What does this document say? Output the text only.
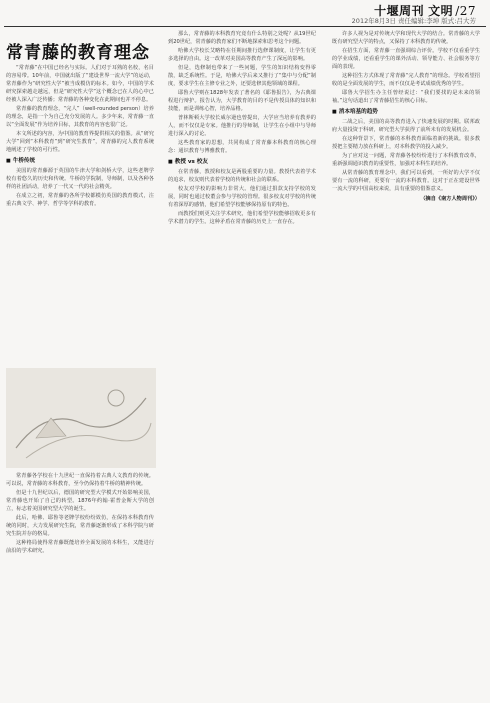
十堰周刊 文明 /27
2012年8月3日 责任编辑:李坤 版式:吕大芳
常青藤的教育理念

“常青藤”在中国已经名与实际。人们对于耳熟的名校，名目的容易带。10年前，中国就出版了“建设世界一流大学”的运动，常青藤作为“研究性大学”被当成模仿的标本。如今，中国的学术研究探索越走越远，但是“研究性大学”这个概念已在人的心中已经被人深入广泛传播；常青藤的各种变化在此期间也并不停息。

常青藤的教育理念，“完人”（well-rounded person）培养的理念，是指一个为自己充分发展的人。多少年来，常青藤一直以“全面发展”作为培养目标，其教育的内容也很广泛。

本文所述的内容，为中国的教育界提供相关的借鉴。从“研究大学”回到“本科教育”到“研究生教育”，常青藤的完人教育系统地阐述了学校的可行性。

■ 牛桥传统

美国的常青藤源于英国的牛津大学和剑桥大学，这些老牌学校有着悠久的历史和传统。牛桥的学院制，导师制，以及各种各样的社团活动，培养了一代又一代的社会精英。

在成立之初，常青藤的各所学校都模仿英国的教育模式，注重古典文学、神学、哲学等学科的教育。

常青藤各学校在十九世纪一直保持着古典人文教育的传统。可以说，常青藤的本科教育，至今仍保持着牛桥的精神传统。

但是十九世纪以后，德国的研究型大学模式开始影响美国，常青藤也开始了自己的转型。1876年约翰·霍普金斯大学的创立，标志着美国研究型大学的诞生。

此后，哈佛、耶鲁等老牌学校纷纷效仿，在保持本科教育传统的同时，大力发展研究生院，常青藤逐渐形成了本科学院与研究生院并存的格局。

这种格局使得常青藤既能培养全面发展的本科生，又能进行前沿的学术研究。

那么，常青藤的本科教育究竟有什么特别之处呢？从19世纪到20世纪，常青藤的教育家们不断地探索和思考这个问题。

哈佛大学校长艾略特在任期间推行选修课制度，让学生有更多选择的自由。这一改革对美国高等教育产生了深远的影响。

但是，选修制也带来了一些问题，学生的知识结构变得零散，缺乏系统性。于是，哈佛大学后来又推行了“集中与分配”制度，要求学生在主修专业之外，还要选修其他领域的课程。

耶鲁大学则在1828年发表了著名的《耶鲁报告》，为古典课程进行辩护。报告认为，大学教育的目的不是传授具体的知识和技能，而是训练心智，培养品格。

普林斯顿大学校长威尔逊也曾提出，大学应当培养有教养的人，而不仅仅是专家。他推行的导师制，让学生在小组中与导师进行深入的讨论。

这些教育家的思想，共同构成了常青藤本科教育的核心理念：通识教育与博雅教育。

■ 教授 vs 校友

在常青藤，教授和校友是两股重要的力量。教授代表着学术的追求，校友则代表着学校的传统和社会的联系。

校友对学校的影响力非常大。他们通过捐款支持学校的发展，同时也通过校董会参与学校的管理。很多校友对学校的传统有着深厚的感情，他们希望学校能够保持原有的特色。

而教授们则更关注学术研究，他们希望学校能够招收更多有学术潜力的学生。这种矛盾在常青藤的历史上一直存在。

许多人视为是对传统大学和现代大学的结合。常青藤的大学既有研究型大学的特点，又保持了本科教育的传统。

在招生方面，常青藤一直强调综合评价。学校不仅看重学生的学业成绩，还看重学生的课外活动、领导能力、社会服务等方面的表现。

这种招生方式体现了常青藤“完人教育”的理念。学校希望招收的是全面发展的学生，而不仅仅是考试成绩优秀的学生。

耶鲁大学招生办主任曾经说过：“我们要找的是未来的领袖。”这句话道出了常青藤招生的核心目标。

■ 消本培基的趋势

二战之后，美国的高等教育进入了快速发展的时期。联邦政府大量投资于科研，研究型大学获得了前所未有的发展机会。

在这种背景下，常青藤的本科教育面临着新的挑战。很多教授把主要精力放在科研上，对本科教学的投入减少。

为了应对这一问题，常青藤各校纷纷进行了本科教育改革，重新强调通识教育的重要性，加强对本科生的培养。

从常青藤的教育理念中，我们可以看到，一所好的大学不仅要有一流的科研，更要有一流的本科教育。这对于正在建设世界一流大学的中国高校来说，具有重要的借鉴意义。

（摘自《南方人物周刊》）
